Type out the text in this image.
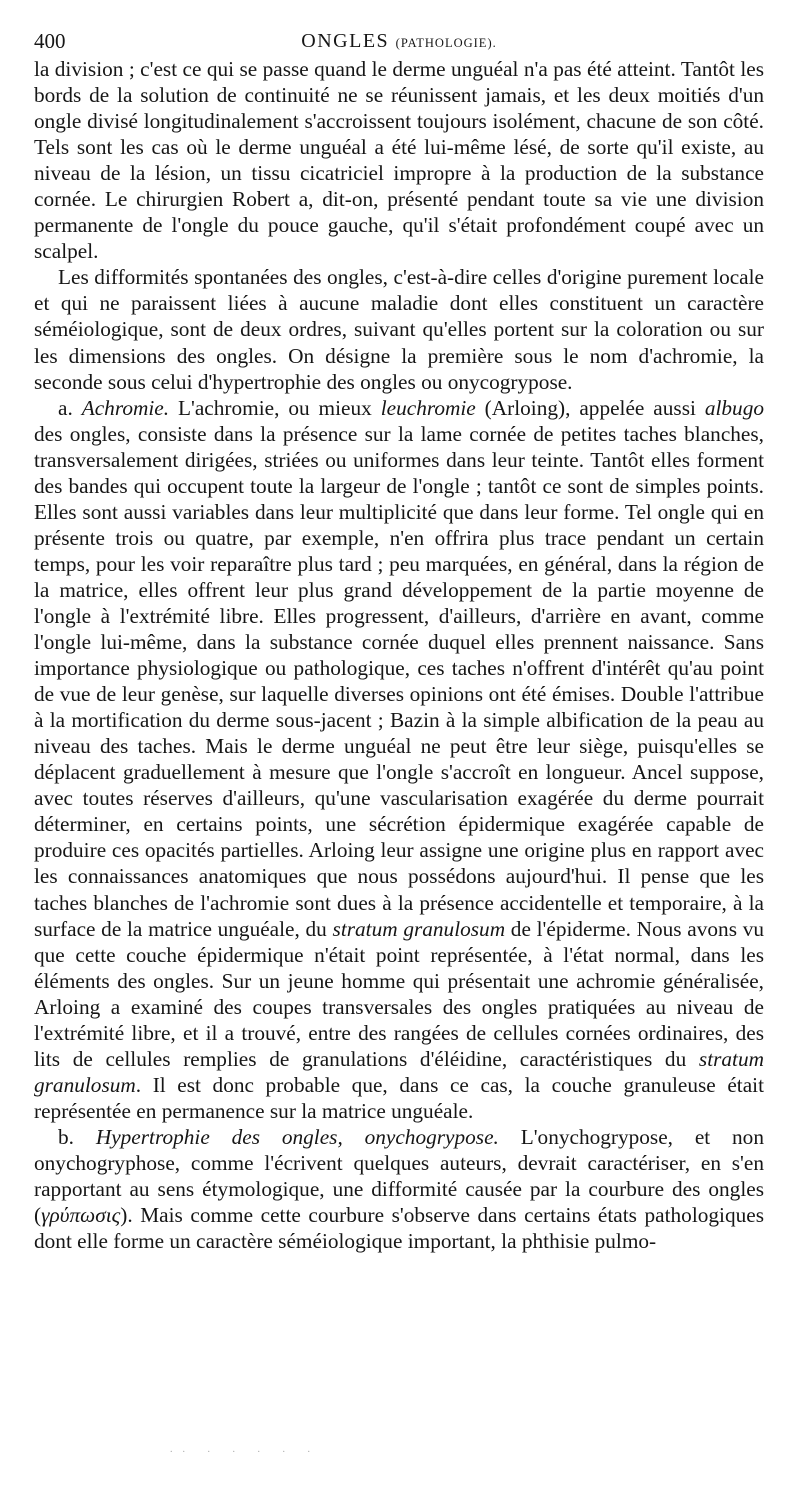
400	ONGLES (PATHOLOGIE).

la division ; c'est ce qui se passe quand le derme unguéal n'a pas été atteint. Tantôt les bords de la solution de continuité ne se réunissent jamais, et les deux moitiés d'un ongle divisé longitudinalement s'accroissent toujours isolément, chacune de son côté. Tels sont les cas où le derme unguéal a été lui-même lésé, de sorte qu'il existe, au niveau de la lésion, un tissu cicatriciel impropre à la production de la substance cornée. Le chirurgien Robert a, dit-on, présenté pendant toute sa vie une division permanente de l'ongle du pouce gauche, qu'il s'était profondément coupé avec un scalpel.

Les difformités spontanées des ongles, c'est-à-dire celles d'origine purement locale et qui ne paraissent liées à aucune maladie dont elles constituent un caractère séméiologique, sont de deux ordres, suivant qu'elles portent sur la coloration ou sur les dimensions des ongles. On désigne la première sous le nom d'achromie, la seconde sous celui d'hypertrophie des ongles ou onycogrypose.

a. Achromie. L'achromie, ou mieux leuchromie (Arloing), appelée aussi albugo des ongles, consiste dans la présence sur la lame cornée de petites taches blanches, transversalement dirigées, striées ou uniformes dans leur teinte. Tantôt elles forment des bandes qui occupent toute la largeur de l'ongle ; tantôt ce sont de simples points. Elles sont aussi variables dans leur multiplicité que dans leur forme. Tel ongle qui en présente trois ou quatre, par exemple, n'en offrira plus trace pendant un certain temps, pour les voir reparaître plus tard ; peu marquées, en général, dans la région de la matrice, elles offrent leur plus grand développement de la partie moyenne de l'ongle à l'extrémité libre. Elles progressent, d'ailleurs, d'arrière en avant, comme l'ongle lui-même, dans la substance cornée duquel elles prennent naissance. Sans importance physiologique ou pathologique, ces taches n'offrent d'intérêt qu'au point de vue de leur genèse, sur laquelle diverses opinions ont été émises. Double l'attribue à la mortification du derme sous-jacent ; Bazin à la simple albification de la peau au niveau des taches. Mais le derme unguéal ne peut être leur siège, puisqu'elles se déplacent graduellement à mesure que l'ongle s'accroît en longueur. Ancel suppose, avec toutes réserves d'ailleurs, qu'une vascularisation exagérée du derme pourrait déterminer, en certains points, une sécrétion épidermique exagérée capable de produire ces opacités partielles. Arloing leur assigne une origine plus en rapport avec les connaissances anatomiques que nous possédons aujourd'hui. Il pense que les taches blanches de l'achromie sont dues à la présence accidentelle et temporaire, à la surface de la matrice unguéale, du stratum granulosum de l'épiderme. Nous avons vu que cette couche épidermique n'était point représentée, à l'état normal, dans les éléments des ongles. Sur un jeune homme qui présentait une achromie généralisée, Arloing a examiné des coupes transversales des ongles pratiquées au niveau de l'extrémité libre, et il a trouvé, entre des rangées de cellules cornées ordinaires, des lits de cellules remplies de granulations d'éléidine, caractéristiques du stratum granulosum. Il est donc probable que, dans ce cas, la couche granuleuse était représentée en permanence sur la matrice unguéale.

b. Hypertrophie des ongles, onychogrypose. L'onychogrypose, et non onychogryphose, comme l'écrivent quelques auteurs, devrait caractériser, en s'en rapportant au sens étymologique, une difformité causée par la courbure des ongles (γρύπωσις). Mais comme cette courbure s'observe dans certains états pathologiques dont elle forme un caractère séméiologique important, la phthisie pulmo-

.. . . . . .
